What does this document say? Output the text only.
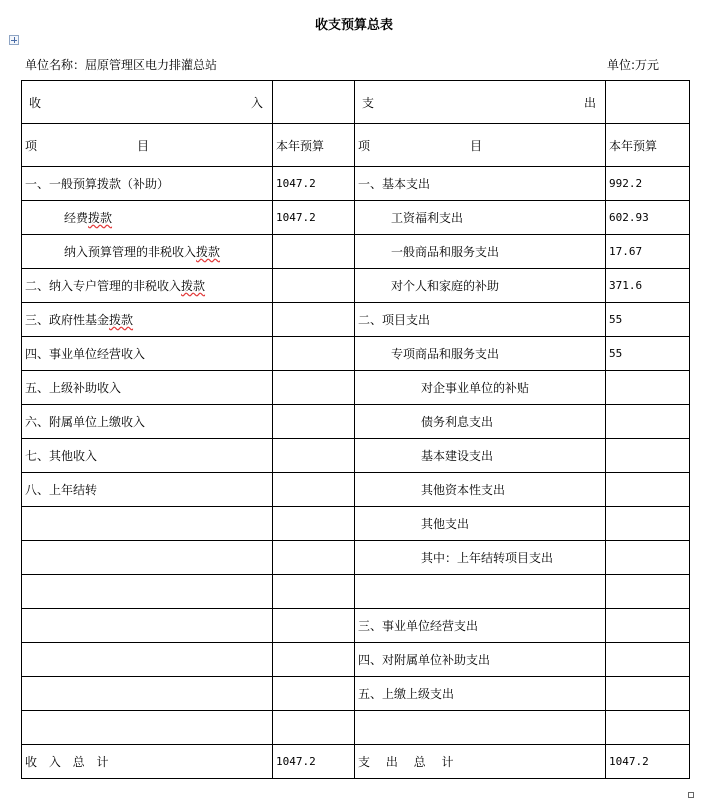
收支预算总表
单位名称：屈原管理区电力排灌总站	单位:万元
收 入		支 出	

项 目	本年预算	项 目	本年预算
一、一般预算拨款（补助）	1047.2	一、基本支出	992.2
经费拨款	1047.2	工资福利支出	602.93
纳入预算管理的非税收入拨款		一般商品和服务支出	17.67
二、纳入专户管理的非税收入拨款		对个人和家庭的补助	371.6
三、政府性基金拨款		二、项目支出	55
四、事业单位经营收入		专项商品和服务支出	55
五、上级补助收入		对企事业单位的补贴	
六、附属单位上缴收入		债务利息支出	
七、其他收入		基本建设支出	
八、上年结转		其他资本性支出	
		其他支出	
		其中：上年结转项目支出	

		三、事业单位经营支出	
		四、对附属单位补助支出	
		五、上缴上级支出	

收 入 总 计	1047.2	支 出 总 计	1047.2
